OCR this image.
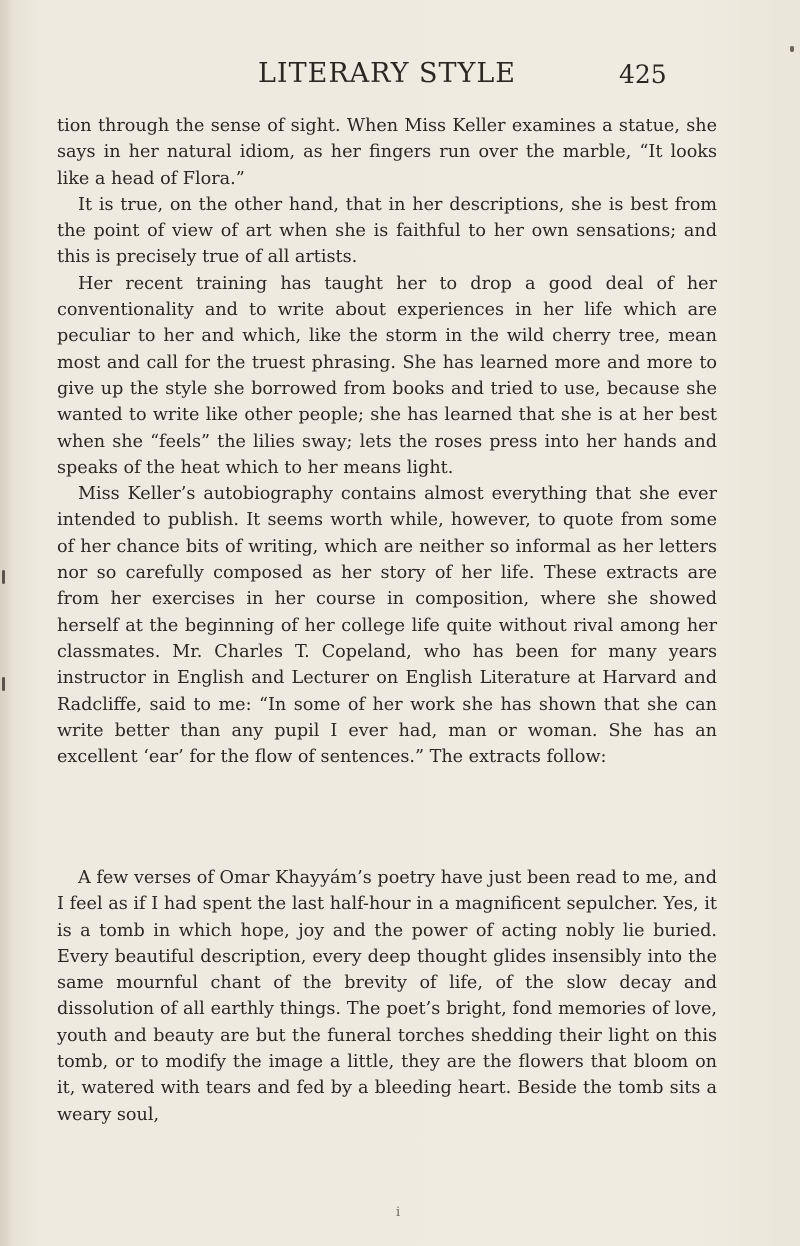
LITERARY STYLE	425

tion through the sense of sight. When Miss Keller examines a statue, she says in her natural idiom, as her fingers run over the marble, “It looks like a head of Flora.”

It is true, on the other hand, that in her descriptions, she is best from the point of view of art when she is faithful to her own sensations; and this is precisely true of all artists.

Her recent training has taught her to drop a good deal of her conventionality and to write about experiences in her life which are peculiar to her and which, like the storm in the wild cherry tree, mean most and call for the truest phrasing. She has learned more and more to give up the style she borrowed from books and tried to use, because she wanted to write like other people; she has learned that she is at her best when she “feels” the lilies sway; lets the roses press into her hands and speaks of the heat which to her means light.

Miss Keller’s autobiography contains almost everything that she ever intended to publish. It seems worth while, however, to quote from some of her chance bits of writing, which are neither so informal as her letters nor so carefully composed as her story of her life. These extracts are from her exercises in her course in composition, where she showed herself at the beginning of her college life quite without rival among her classmates. Mr. Charles T. Copeland, who has been for many years instructor in English and Lecturer on English Literature at Harvard and Radcliffe, said to me: “In some of her work she has shown that she can write better than any pupil I ever had, man or woman. She has an excellent ‘ear’ for the flow of sentences.” The extracts follow:

A few verses of Omar Khayyám’s poetry have just been read to me, and I feel as if I had spent the last half-hour in a magnificent sepulcher. Yes, it is a tomb in which hope, joy and the power of acting nobly lie buried. Every beautiful description, every deep thought glides insensibly into the same mournful chant of the brevity of life, of the slow decay and dissolution of all earthly things. The poet’s bright, fond memories of love, youth and beauty are but the funeral torches shedding their light on this tomb, or to modify the image a little, they are the flowers that bloom on it, watered with tears and fed by a bleeding heart. Beside the tomb sits a weary soul,

i
